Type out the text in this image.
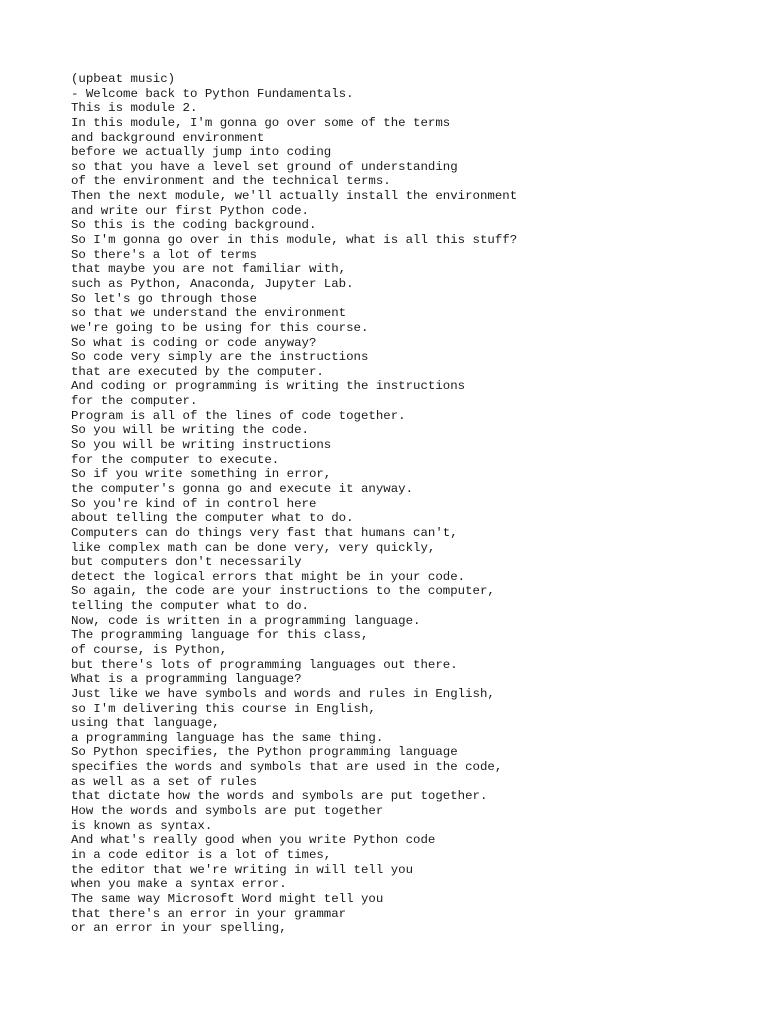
(upbeat music)
- Welcome back to Python Fundamentals.
This is module 2.
In this module, I'm gonna go over some of the terms
and background environment
before we actually jump into coding
so that you have a level set ground of understanding
of the environment and the technical terms.
Then the next module, we'll actually install the environment
and write our first Python code.
So this is the coding background.
So I'm gonna go over in this module, what is all this stuff?
So there's a lot of terms
that maybe you are not familiar with,
such as Python, Anaconda, Jupyter Lab.
So let's go through those
so that we understand the environment
we're going to be using for this course.
So what is coding or code anyway?
So code very simply are the instructions
that are executed by the computer.
And coding or programming is writing the instructions
for the computer.
Program is all of the lines of code together.
So you will be writing the code.
So you will be writing instructions
for the computer to execute.
So if you write something in error,
the computer's gonna go and execute it anyway.
So you're kind of in control here
about telling the computer what to do.
Computers can do things very fast that humans can't,
like complex math can be done very, very quickly,
but computers don't necessarily
detect the logical errors that might be in your code.
So again, the code are your instructions to the computer,
telling the computer what to do.
Now, code is written in a programming language.
The programming language for this class,
of course, is Python,
but there's lots of programming languages out there.
What is a programming language?
Just like we have symbols and words and rules in English,
so I'm delivering this course in English,
using that language,
a programming language has the same thing.
So Python specifies, the Python programming language
specifies the words and symbols that are used in the code,
as well as a set of rules
that dictate how the words and symbols are put together.
How the words and symbols are put together
is known as syntax.
And what's really good when you write Python code
in a code editor is a lot of times,
the editor that we're writing in will tell you
when you make a syntax error.
The same way Microsoft Word might tell you
that there's an error in your grammar
or an error in your spelling,
